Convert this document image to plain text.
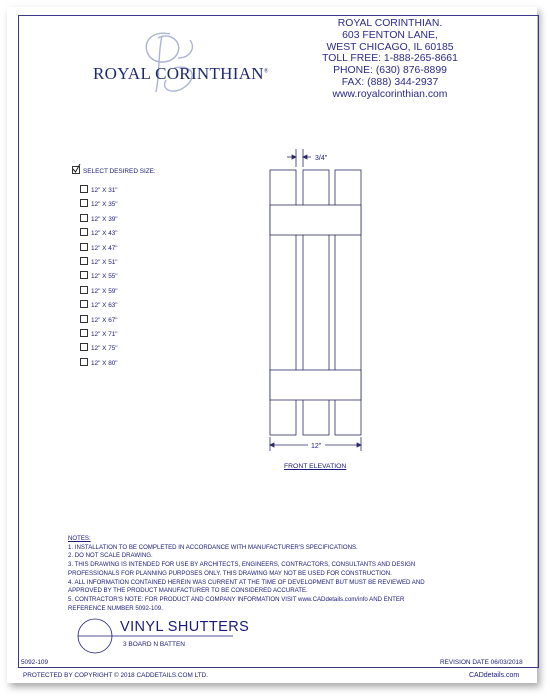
ROYAL CORINTHIAN®
ROYAL CORINTHIAN.
603 FENTON LANE,
WEST CHICAGO, IL 60185
TOLL FREE: 1-888-265-8661
PHONE: (630) 876-8899
FAX: (888) 344-2937
www.royalcorinthian.com
SELECT DESIRED SIZE:
12" X 31"
12" X 35"
12" X 39"
12" X 43"
12" X 47"
12" X 51"
12" X 55"
12" X 59"
12" X 63"
12" X 67"
12" X 71"
12" X 75"
12" X 80"
3/4"
12"
FRONT ELEVATION
NOTES:
1. INSTALLATION TO BE COMPLETED IN ACCORDANCE WITH MANUFACTURER'S SPECIFICATIONS.
2. DO NOT SCALE DRAWING.
3. THIS DRAWING IS INTENDED FOR USE BY ARCHITECTS, ENGINEERS, CONTRACTORS, CONSULTANTS AND DESIGN
PROFESSIONALS FOR PLANNING PURPOSES ONLY. THIS DRAWING MAY NOT BE USED FOR CONSTRUCTION.
4. ALL INFORMATION CONTAINED HEREIN WAS CURRENT AT THE TIME OF DEVELOPMENT BUT MUST BE REVIEWED AND
APPROVED BY THE PRODUCT MANUFACTURER TO BE CONSIDERED ACCURATE.
5. CONTRACTOR'S NOTE: FOR PRODUCT AND COMPANY INFORMATION VISIT www.CADdetails.com/info AND ENTER
REFERENCE NUMBER 5092-109.
VINYL SHUTTERS
3 BOARD N BATTEN
5092-109	REVISION DATE 06/03/2018
PROTECTED BY COPYRIGHT © 2018 CADDETAILS.COM LTD.	CADdetails.com
